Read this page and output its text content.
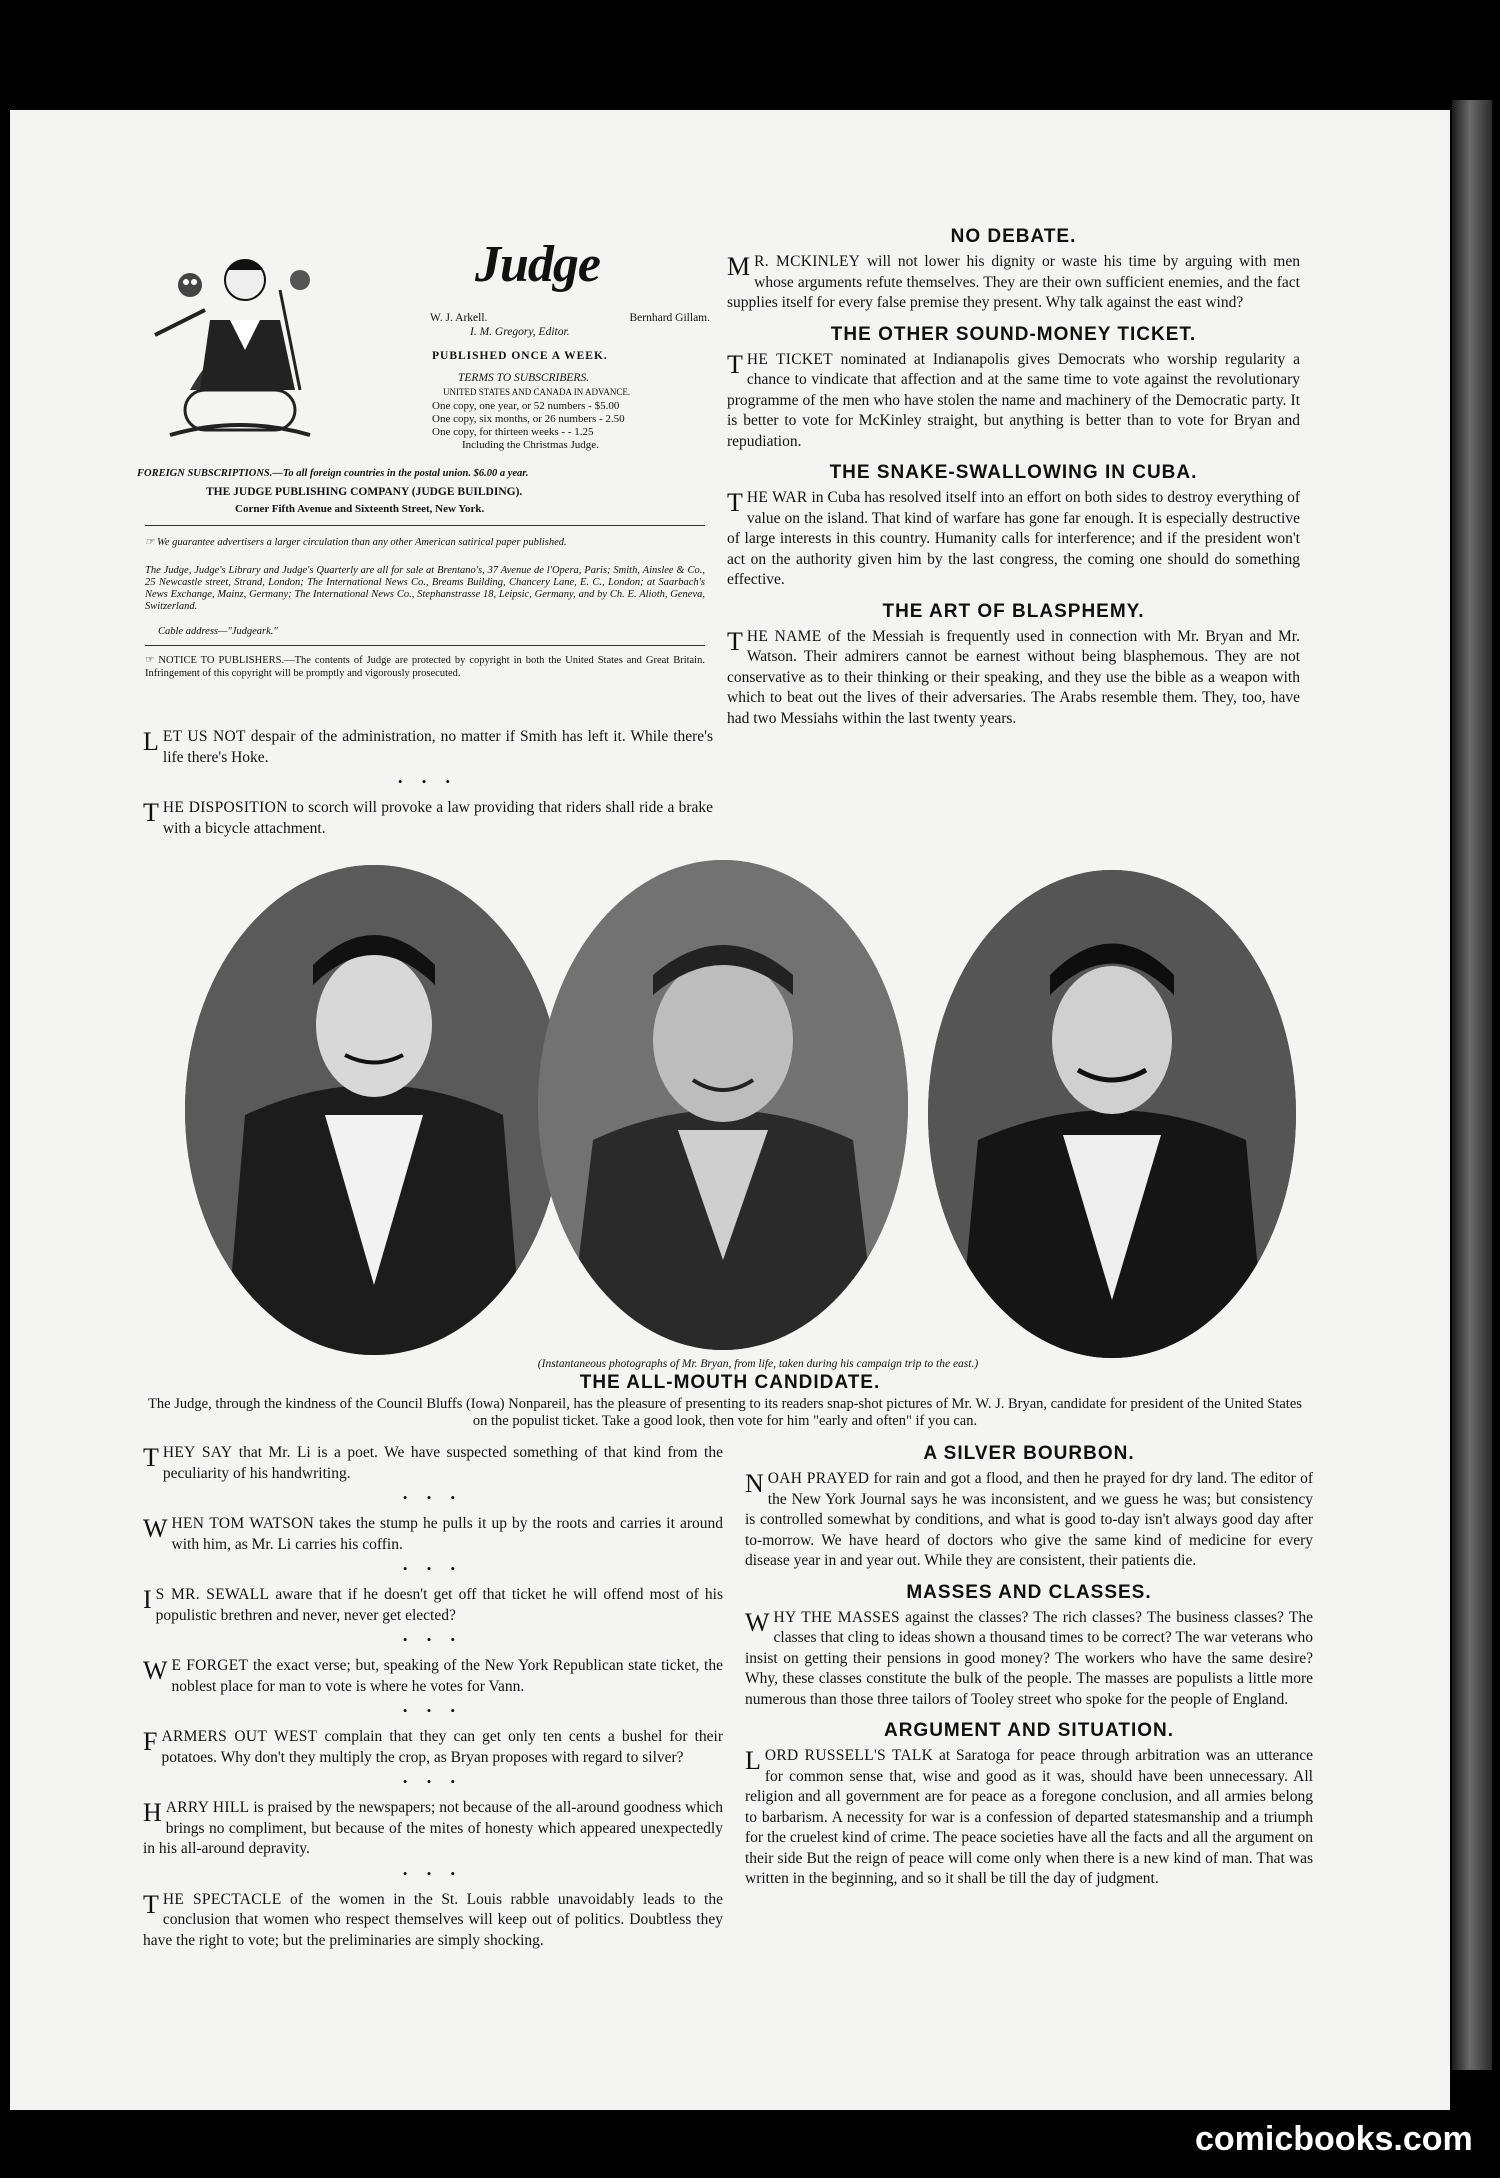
Judge
W. J. Arkell.	Bernhard Gillam.
I. M. Gregory, Editor.
PUBLISHED ONCE A WEEK.
TERMS TO SUBSCRIBERS.
UNITED STATES AND CANADA IN ADVANCE.

One copy, one year, or 52 numbers - $5.00

One copy, six months, or 26 numbers - 2.50

One copy, for thirteen weeks - - 1.25

Including the Christmas Judge.

FOREIGN SUBSCRIPTIONS.—To all foreign countries in the postal union. $6.00 a year.

THE JUDGE PUBLISHING COMPANY (JUDGE BUILDING).

Corner Fifth Avenue and Sixteenth Street, New York.

☞ We guarantee advertisers a larger circulation than any other American satirical paper published.

The Judge, Judge's Library and Judge's Quarterly are all for sale at Brentano's, 37 Avenue de l'Opera, Paris; Smith, Ainslee & Co., 25 Newcastle street, Strand, London; The International News Co., Breams Building, Chancery Lane, E. C., London; at Saarbach's News Exchange, Mainz, Germany; The International News Co., Stephanstrasse 18, Leipsic, Germany, and by Ch. E. Alioth, Geneva, Switzerland.

Cable address—"Judgeark."

☞ NOTICE TO PUBLISHERS.—The contents of Judge are protected by copyright in both the United States and Great Britain. Infringement of this copyright will be promptly and vigorously prosecuted.

LET US NOT despair of the administration, no matter if Smith has left it. While there's life there's Hoke.

• • •

THE DISPOSITION to scorch will provoke a law providing that riders shall ride a brake with a bicycle attachment.

NO DEBATE.

M R. MCKINLEY will not lower his dignity or waste his time by arguing with men whose arguments refute themselves. They are their own sufficient enemies, and the fact supplies itself for every false premise they present. Why talk against the east wind?

THE OTHER SOUND-MONEY TICKET.

THE TICKET nominated at Indianapolis gives Democrats who worship regularity a chance to vindicate that affection and at the same time to vote against the revolutionary programme of the men who have stolen the name and machinery of the Democratic party. It is better to vote for McKinley straight, but anything is better than to vote for Bryan and repudiation.

THE SNAKE-SWALLOWING IN CUBA.

THE WAR in Cuba has resolved itself into an effort on both sides to destroy everything of value on the island. That kind of warfare has gone far enough. It is especially destructive of large interests in this country. Humanity calls for interference; and if the president won't act on the authority given him by the last congress, the coming one should do something effective.

THE ART OF BLASPHEMY.

THE NAME of the Messiah is frequently used in connection with Mr. Bryan and Mr. Watson. Their admirers cannot be earnest without being blasphemous. They are not conservative as to their thinking or their speaking, and they use the bible as a weapon with which to beat out the lives of their adversaries. The Arabs resemble them. They, too, have had two Messiahs within the last twenty years.

(Instantaneous photographs of Mr. Bryan, from life, taken during his campaign trip to the east.)

THE ALL-MOUTH CANDIDATE.

The Judge, through the kindness of the Council Bluffs (Iowa) Nonpareil, has the pleasure of presenting to its readers snap-shot pictures of Mr. W. J. Bryan, candidate for president of the United States on the populist ticket. Take a good look, then vote for him "early and often" if you can.

THEY SAY that Mr. Li is a poet. We have suspected something of that kind from the peculiarity of his handwriting.

• • •

WHEN TOM WATSON takes the stump he pulls it up by the roots and carries it around with him, as Mr. Li carries his coffin.

• • •

I S MR. SEWALL aware that if he doesn't get off that ticket he will offend most of his populistic brethren and never, never get elected?

• • •

W E FORGET the exact verse; but, speaking of the New York Republican state ticket, the noblest place for man to vote is where he votes for Vann.

• • •

FARMERS OUT WEST complain that they can get only ten cents a bushel for their potatoes. Why don't they multiply the crop, as Bryan proposes with regard to silver?

• • •

HARRY HILL is praised by the newspapers; not because of the all-around goodness which brings no compliment, but because of the mites of honesty which appeared unexpectedly in his all-around depravity.

• • •

THE SPECTACLE of the women in the St. Louis rabble unavoidably leads to the conclusion that women who respect themselves will keep out of politics. Doubtless they have the right to vote; but the preliminaries are simply shocking.

A SILVER BOURBON.

NOAH PRAYED for rain and got a flood, and then he prayed for dry land. The editor of the New York Journal says he was inconsistent, and we guess he was; but consistency is controlled somewhat by conditions, and what is good to-day isn't always good day after to-morrow. We have heard of doctors who give the same kind of medicine for every disease year in and year out. While they are consistent, their patients die.

MASSES AND CLASSES.

WHY THE MASSES against the classes? The rich classes? The business classes? The classes that cling to ideas shown a thousand times to be correct? The war veterans who insist on getting their pensions in good money? The workers who have the same desire? Why, these classes constitute the bulk of the people. The masses are populists a little more numerous than those three tailors of Tooley street who spoke for the people of England.

ARGUMENT AND SITUATION.

LORD RUSSELL'S TALK at Saratoga for peace through arbitration was an utterance for common sense that, wise and good as it was, should have been unnecessary. All religion and all government are for peace as a foregone conclusion, and all armies belong to barbarism. A necessity for war is a confession of departed statesmanship and a triumph for the cruelest kind of crime. The peace societies have all the facts and all the argument on their side But the reign of peace will come only when there is a new kind of man. That was written in the beginning, and so it shall be till the day of judgment.

comicbooks.com
